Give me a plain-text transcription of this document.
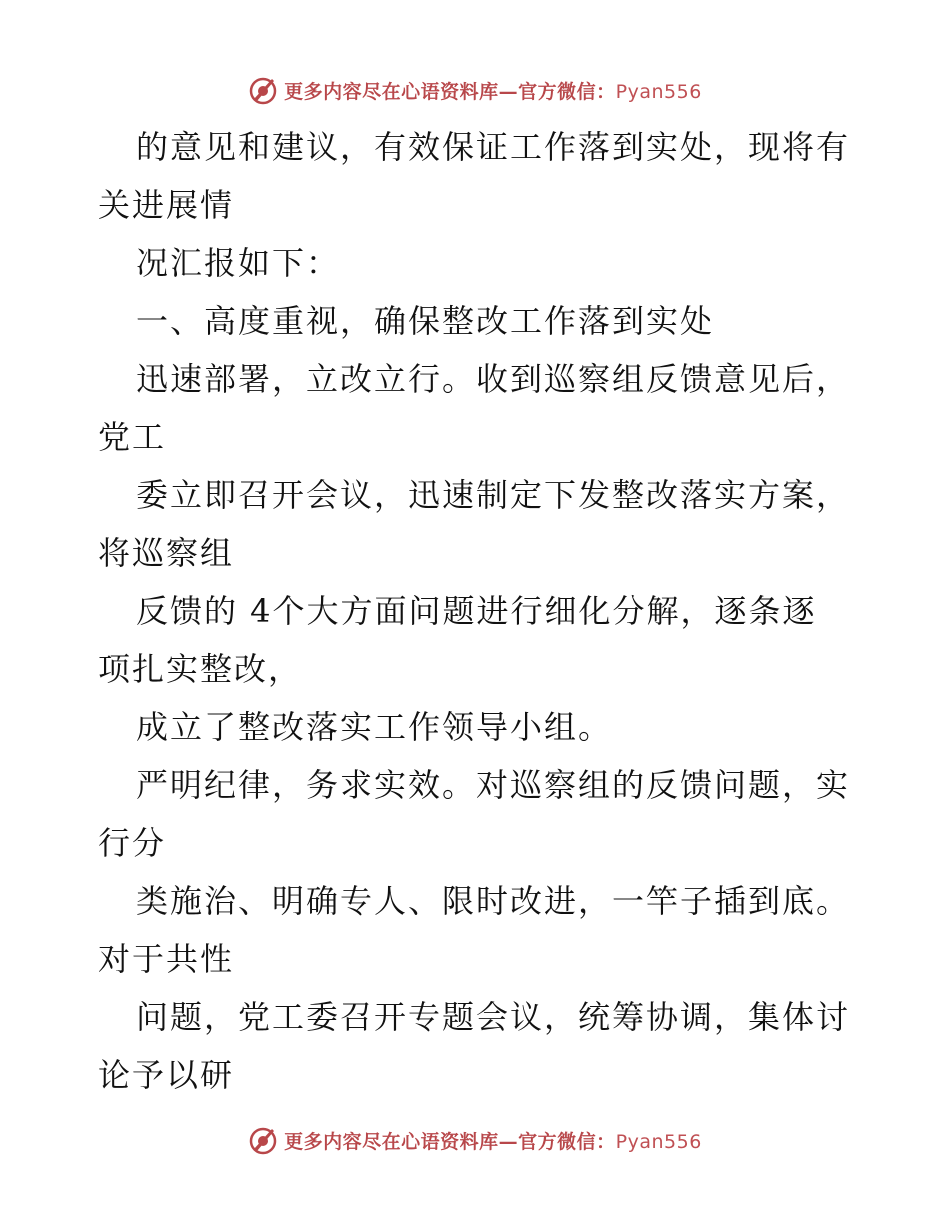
更多内容尽在心语资料库—官方微信：Pyan556
的意见和建议，有效保证工作落到实处，现将有
关进展情
况汇报如下：
一、高度重视，确保整改工作落到实处
迅速部署，立改立行。收到巡察组反馈意见后，
党工
委立即召开会议，迅速制定下发整改落实方案，
将巡察组
反馈的 4个大方面问题进行细化分解，逐条逐
项扎实整改，
成立了整改落实工作领导小组。
严明纪律，务求实效。对巡察组的反馈问题，实
行分
类施治、明确专人、限时改进，一竿子插到底。
对于共性
问题，党工委召开专题会议，统筹协调，集体讨
论予以研
更多内容尽在心语资料库—官方微信：Pyan556
